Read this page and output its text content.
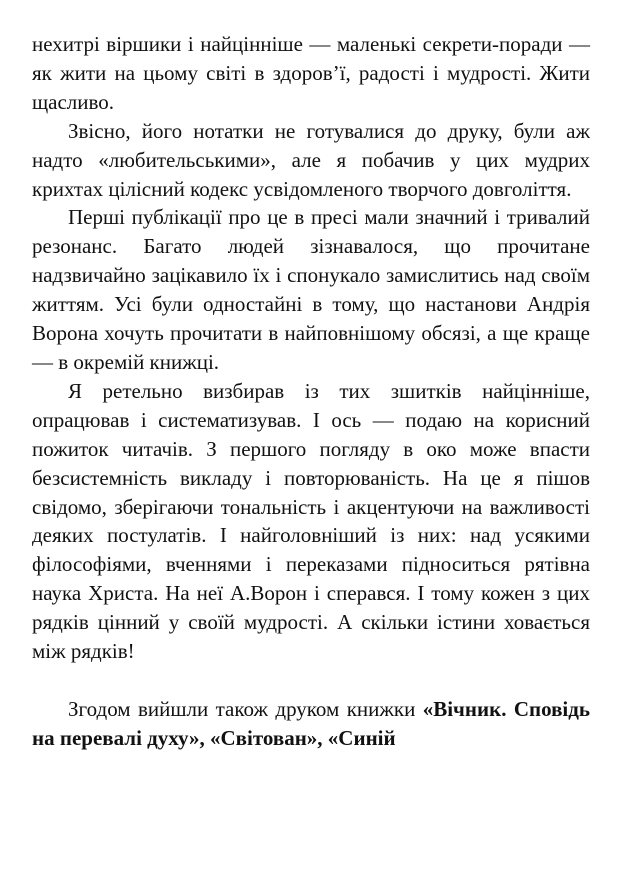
нехитрі віршики і найцінніше — маленькі секрети-поради — як жити на цьому світі в здоров’ї, радості і мудрості. Жити щасливо.

Звісно, його нотатки не готувалися до друку, були аж надто «любительськими», але я побачив у цих мудрих крихтах цілісний кодекс усвідомленого творчого довголіття.

Перші публікації про це в пресі мали значний і тривалий резонанс. Багато людей зізнавалося, що прочитане надзвичайно зацікавило їх і спонукало замислитись над своїм життям. Усі були одностайні в тому, що настанови Андрія Ворона хочуть прочитати в найповнішому обсязі, а ще краще — в окремій книжці.

Я ретельно визбирав із тих зшитків найцінніше, опрацював і систематизував. І ось — подаю на корисний пожиток читачів. З першого погляду в око може впасти безсистемність викладу і повторюваність. На це я пішов свідомо, зберігаючи тональність і акцентуючи на важливості деяких постулатів. І найголовніший із них: над усякими філософіями, вченнями і переказами підноситься рятівна наука Христа. На неї А.Ворон і сперався. І тому кожен з цих рядків цінний у своїй мудрості. А скільки істини ховається між рядків!

Згодом вийшли також друком книжки «Вічник. Сповідь на перевалі духу», «Світован», «Синій
